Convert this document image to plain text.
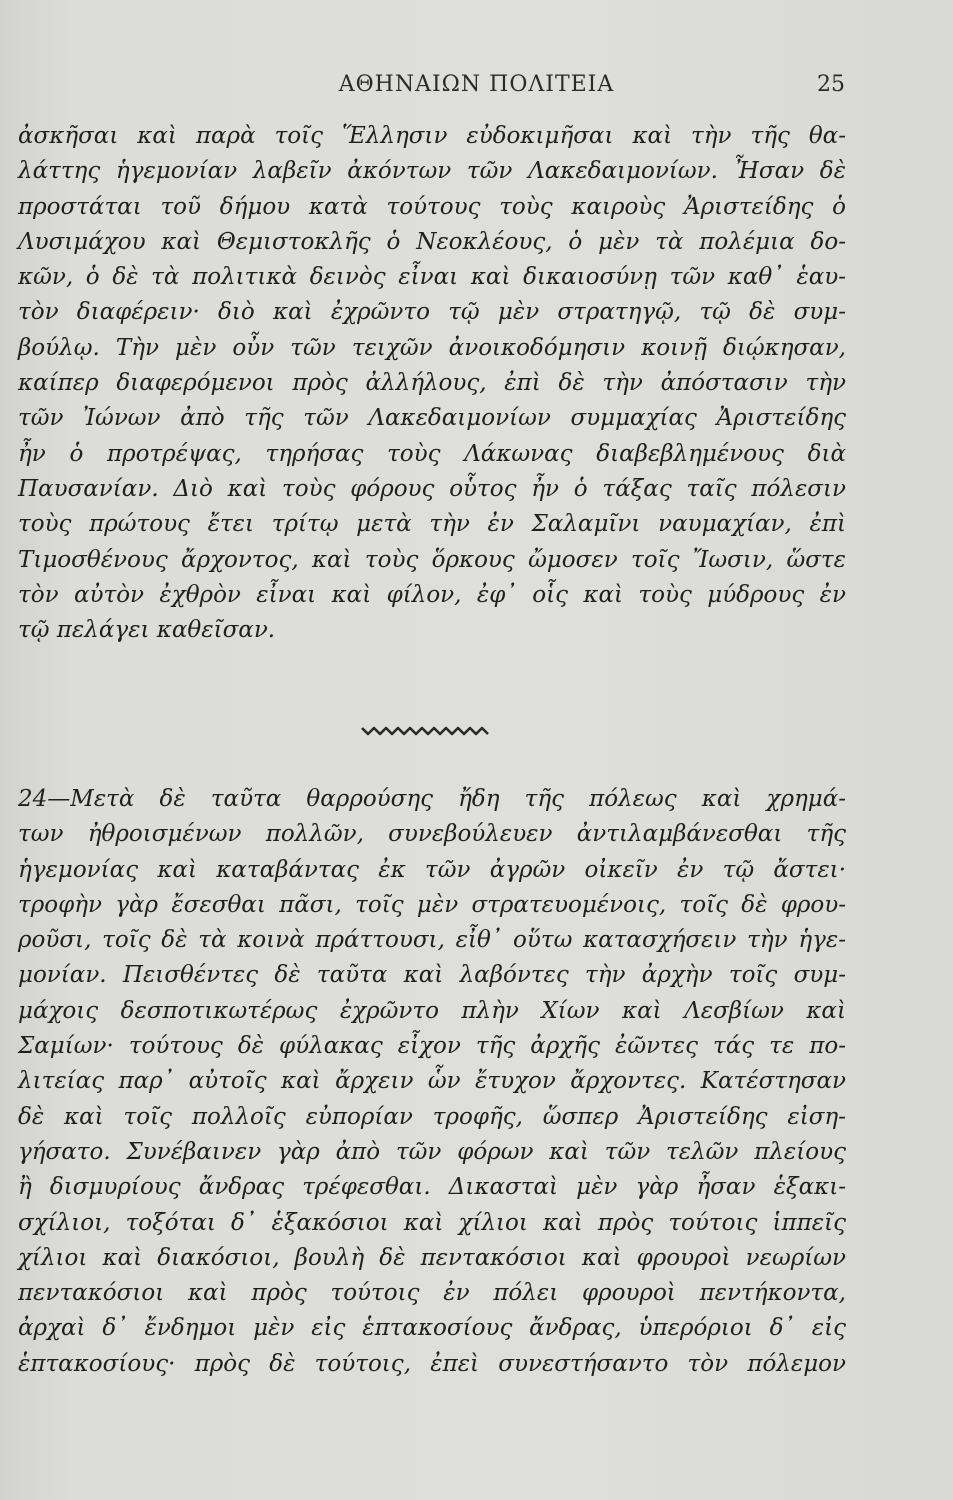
ΑΘΗΝΑΙΩΝ ΠΟΛΙΤΕΙΑ	25
ἀσκῆσαι καὶ παρὰ τοῖς Ἕλλησιν εὐδοκιμῆσαι καὶ τὴν τῆς θα-
λάττης ἡγεμονίαν λαβεῖν ἀκόντων τῶν Λακεδαιμονίων. Ἦσαν δὲ
προστάται τοῦ δήμου κατὰ τούτους τοὺς καιροὺς Ἀριστείδης ὁ
Λυσιμάχου καὶ Θεμιστοκλῆς ὁ Νεοκλέους, ὁ μὲν τὰ πολέμια δο-
κῶν, ὁ δὲ τὰ πολιτικὰ δεινὸς εἶναι καὶ δικαιοσύνῃ τῶν καθ᾽ ἑαυ-
τὸν διαφέρειν· διὸ καὶ ἐχρῶντο τῷ μὲν στρατηγῷ, τῷ δὲ συμ-
βούλῳ. Τὴν μὲν οὖν τῶν τειχῶν ἀνοικοδόμησιν κοινῇ διῴκησαν,
καίπερ διαφερόμενοι πρὸς ἀλλήλους, ἐπὶ δὲ τὴν ἀπόστασιν τὴν
τῶν Ἰώνων ἀπὸ τῆς τῶν Λακεδαιμονίων συμμαχίας Ἀριστείδης
ἦν ὁ προτρέψας, τηρήσας τοὺς Λάκωνας διαβεβλημένους διὰ
Παυσανίαν. Διὸ καὶ τοὺς φόρους οὗτος ἦν ὁ τάξας ταῖς πόλεσιν
τοὺς πρώτους ἔτει τρίτῳ μετὰ τὴν ἐν Σαλαμῖνι ναυμαχίαν, ἐπὶ
Τιμοσθένους ἄρχοντος, καὶ τοὺς ὅρκους ὤμοσεν τοῖς Ἴωσιν, ὥστε
τὸν αὐτὸν ἐχθρὸν εἶναι καὶ φίλον, ἐφ᾽ οἷς καὶ τοὺς μύδρους ἐν
τῷ πελάγει καθεῖσαν.
24—Μετὰ δὲ ταῦτα θαρρούσης ἤδη τῆς πόλεως καὶ χρημά-
των ἠθροισμένων πολλῶν, συνεβούλευεν ἀντιλαμβάνεσθαι τῆς
ἡγεμονίας καὶ καταβάντας ἐκ τῶν ἀγρῶν οἰκεῖν ἐν τῷ ἄστει·
τροφὴν γὰρ ἔσεσθαι πᾶσι, τοῖς μὲν στρατευομένοις, τοῖς δὲ φρου-
ροῦσι, τοῖς δὲ τὰ κοινὰ πράττουσι, εἶθ᾽ οὕτω κατασχήσειν τὴν ἡγε-
μονίαν. Πεισθέντες δὲ ταῦτα καὶ λαβόντες τὴν ἀρχὴν τοῖς συμ-
μάχοις δεσποτικωτέρως ἐχρῶντο πλὴν Χίων καὶ Λεσβίων καὶ
Σαμίων· τούτους δὲ φύλακας εἶχον τῆς ἀρχῆς ἐῶντες τάς τε πο-
λιτείας παρ᾽ αὐτοῖς καὶ ἄρχειν ὧν ἔτυχον ἄρχοντες. Κατέστησαν
δὲ καὶ τοῖς πολλοῖς εὐπορίαν τροφῆς, ὥσπερ Ἀριστείδης εἰση-
γήσατο. Συνέβαινεν γὰρ ἀπὸ τῶν φόρων καὶ τῶν τελῶν πλείους
ἢ δισμυρίους ἄνδρας τρέφεσθαι. Δικασταὶ μὲν γὰρ ἦσαν ἑξακι-
σχίλιοι, τοξόται δ᾽ ἑξακόσιοι καὶ χίλιοι καὶ πρὸς τούτοις ἱππεῖς
χίλιοι καὶ διακόσιοι, βουλὴ δὲ πεντακόσιοι καὶ φρουροὶ νεωρίων
πεντακόσιοι καὶ πρὸς τούτοις ἐν πόλει φρουροὶ πεντήκοντα,
ἀρχαὶ δ᾽ ἔνδημοι μὲν εἰς ἑπτακοσίους ἄνδρας, ὑπερόριοι δ᾽ εἰς
ἑπτακοσίους· πρὸς δὲ τούτοις, ἐπεὶ συνεστήσαντο τὸν πόλεμον
